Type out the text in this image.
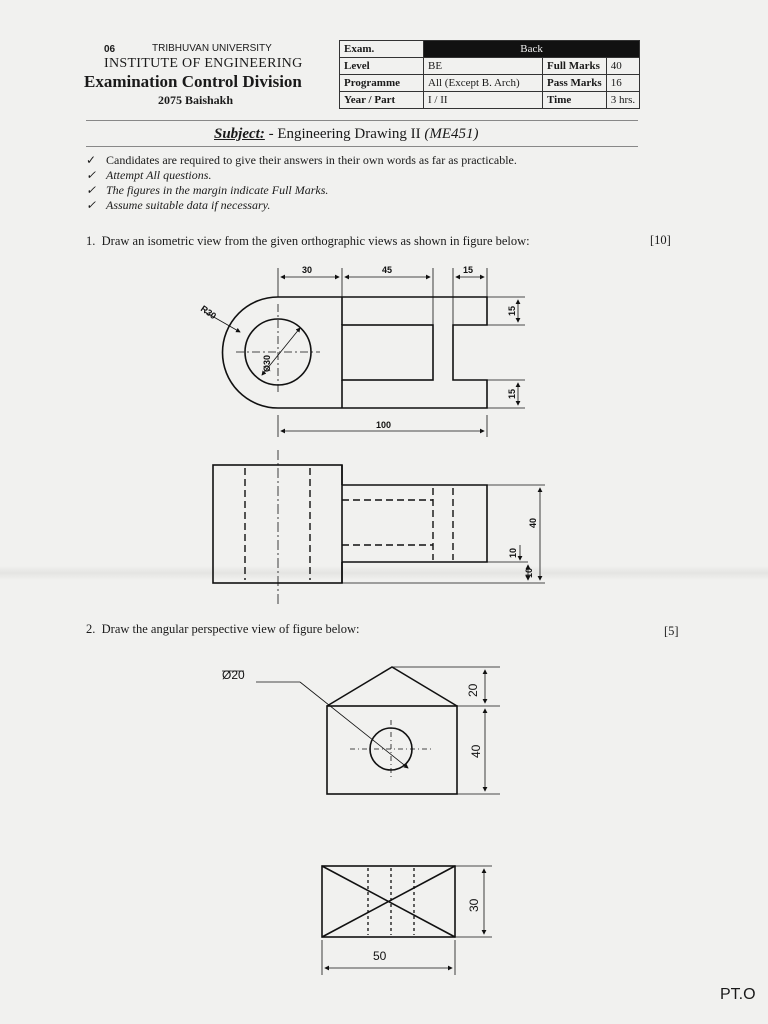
06	TRIBHUVAN UNIVERSITY
INSTITUTE OF ENGINEERING
Examination Control Division
2075 Baishakh
Exam.	Back		
Level	BE	Full Marks	40
Programme	All (Except B. Arch)	Pass Marks	16
Year / Part	I / II	Time	3 hrs.
Subject: - Engineering Drawing II (ME451)
✓ Candidates are required to give their answers in their own words as far as practicable.
✓ Attempt All questions.
✓ The figures in the margin indicate Full Marks.
✓ Assume suitable data if necessary.
1. Draw an isometric view from the given orthographic views as shown in figure below:	[10]
2. Draw the angular perspective view of figure below:	[5]
30	45	15
R30
Ø30
15
15
100
40
10
10
Ø20
20
40
30
50
PT.O
